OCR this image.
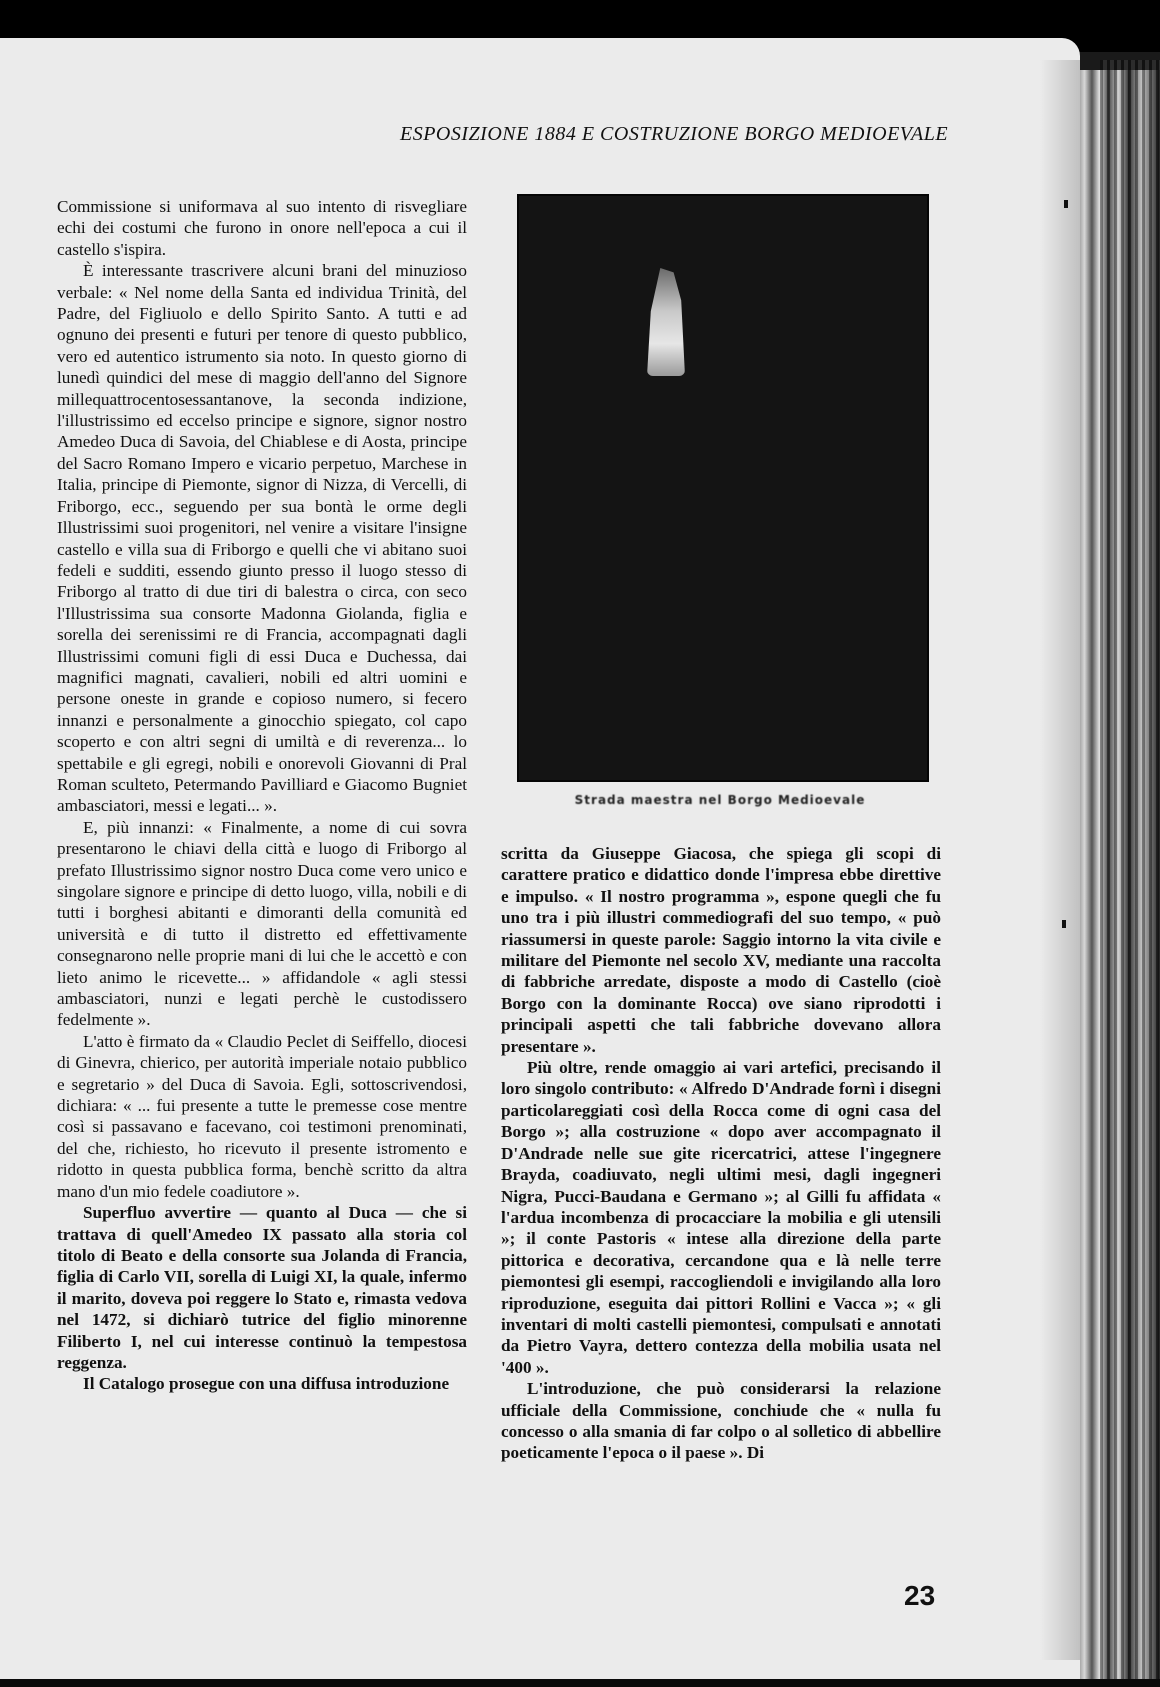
ESPOSIZIONE 1884 E COSTRUZIONE BORGO MEDIOEVALE

Commissione si uniformava al suo intento di risvegliare echi dei costumi che furono in onore nell'epoca a cui il castello s'ispira.

È interessante trascrivere alcuni brani del minuzioso verbale: « Nel nome della Santa ed individua Trinità, del Padre, del Figliuolo e dello Spirito Santo. A tutti e ad ognuno dei presenti e futuri per tenore di questo pubblico, vero ed autentico istrumento sia noto. In questo giorno di lunedì quindici del mese di maggio dell'anno del Signore millequattrocentosessantanove, la seconda indizione, l'illustrissimo ed eccelso principe e signore, signor nostro Amedeo Duca di Savoia, del Chiablese e di Aosta, principe del Sacro Romano Impero e vicario perpetuo, Marchese in Italia, principe di Piemonte, signor di Nizza, di Vercelli, di Friborgo, ecc., seguendo per sua bontà le orme degli Illustrissimi suoi progenitori, nel venire a visitare l'insigne castello e villa sua di Friborgo e quelli che vi abitano suoi fedeli e sudditi, essendo giunto presso il luogo stesso di Friborgo al tratto di due tiri di balestra o circa, con seco l'Illustrissima sua consorte Madonna Giolanda, figlia e sorella dei serenissimi re di Francia, accompagnati dagli Illustrissimi comuni figli di essi Duca e Duchessa, dai magnifici magnati, cavalieri, nobili ed altri uomini e persone oneste in grande e copioso numero, si fecero innanzi e personalmente a ginocchio spiegato, col capo scoperto e con altri segni di umiltà e di reverenza... lo spettabile e gli egregi, nobili e onorevoli Giovanni di Pral Roman sculteto, Petermando Pavilliard e Giacomo Bugniet ambasciatori, messi e legati... ».

E, più innanzi: « Finalmente, a nome di cui sovra presentarono le chiavi della città e luogo di Friborgo al prefato Illustrissimo signor nostro Duca come vero unico e singolare signore e principe di detto luogo, villa, nobili e di tutti i borghesi abitanti e dimoranti della comunità ed università e di tutto il distretto ed effettivamente consegnarono nelle proprie mani di lui che le accettò e con lieto animo le ricevette... » affidandole « agli stessi ambasciatori, nunzi e legati perchè le custodissero fedelmente ».

L'atto è firmato da « Claudio Peclet di Seiffello, diocesi di Ginevra, chierico, per autorità imperiale notaio pubblico e segretario » del Duca di Savoia. Egli, sottoscrivendosi, dichiara: « ... fui presente a tutte le premesse cose mentre così si passavano e facevano, coi testimoni prenominati, del che, richiesto, ho ricevuto il presente istromento e ridotto in questa pubblica forma, benchè scritto da altra mano d'un mio fedele coadiutore ».

Superfluo avvertire — quanto al Duca — che si trattava di quell'Amedeo IX passato alla storia col titolo di Beato e della consorte sua Jolanda di Francia, figlia di Carlo VII, sorella di Luigi XI, la quale, infermo il marito, doveva poi reggere lo Stato e, rimasta vedova nel 1472, si dichiarò tutrice del figlio minorenne Filiberto I, nel cui interesse continuò la tempestosa reggenza.

Il Catalogo prosegue con una diffusa introduzione

Strada maestra nel Borgo Medioevale

scritta da Giuseppe Giacosa, che spiega gli scopi di carattere pratico e didattico donde l'impresa ebbe direttive e impulso. « Il nostro programma », espone quegli che fu uno tra i più illustri commediografi del suo tempo, « può riassumersi in queste parole: Saggio intorno la vita civile e militare del Piemonte nel secolo XV, mediante una raccolta di fabbriche arredate, disposte a modo di Castello (cioè Borgo con la dominante Rocca) ove siano riprodotti i principali aspetti che tali fabbriche dovevano allora presentare ».

Più oltre, rende omaggio ai vari artefici, precisando il loro singolo contributo: « Alfredo D'Andrade fornì i disegni particolareggiati così della Rocca come di ogni casa del Borgo »; alla costruzione « dopo aver accompagnato il D'Andrade nelle sue gite ricercatrici, attese l'ingegnere Brayda, coadiuvato, negli ultimi mesi, dagli ingegneri Nigra, Pucci-Baudana e Germano »; al Gilli fu affidata « l'ardua incombenza di procacciare la mobilia e gli utensili »; il conte Pastoris « intese alla direzione della parte pittorica e decorativa, cercandone qua e là nelle terre piemontesi gli esempi, raccogliendoli e invigilando alla loro riproduzione, eseguita dai pittori Rollini e Vacca »; « gli inventari di molti castelli piemontesi, compulsati e annotati da Pietro Vayra, dettero contezza della mobilia usata nel '400 ».

L'introduzione, che può considerarsi la relazione ufficiale della Commissione, conchiude che « nulla fu concesso o alla smania di far colpo o al solletico di abbellire poeticamente l'epoca o il paese ». Di

23
